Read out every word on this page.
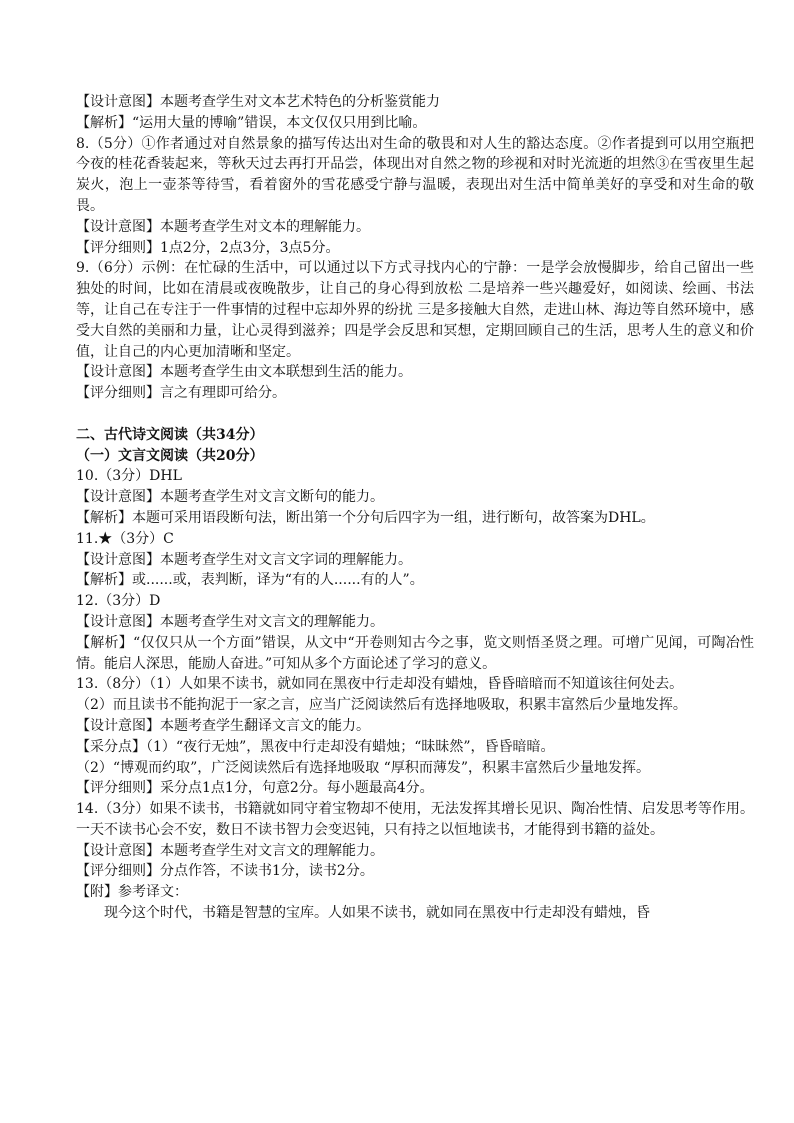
【设计意图】本题考查学生对文本艺术特色的分析鉴赏能力
【解析】“运用大量的博喻”错误，本文仅仅只用到比喻。
8.（5分）①作者通过对自然景象的描写传达出对生命的敬畏和对人生的豁达态度。②作者提到可以用空瓶把今夜的桂花香装起来，等秋天过去再打开品尝，体现出对自然之物的珍视和对时光流逝的坦然③在雪夜里生起炭火，泡上一壶茶等待雪，看着窗外的雪花感受宁静与温暖，表现出对生活中简单美好的享受和对生命的敬畏。
【设计意图】本题考查学生对文本的理解能力。
【评分细则】1点2分，2点3分，3点5分。
9.（6分）示例：在忙碌的生活中，可以通过以下方式寻找内心的宁静：一是学会放慢脚步，给自己留出一些独处的时间，比如在清晨或夜晚散步，让自己的身心得到放松 二是培养一些兴趣爱好，如阅读、绘画、书法等，让自己在专注于一件事情的过程中忘却外界的纷扰 三是多接触大自然，走进山林、海边等自然环境中，感受大自然的美丽和力量，让心灵得到滋养；四是学会反思和冥想，定期回顾自己的生活，思考人生的意义和价值，让自己的内心更加清晰和坚定。
【设计意图】本题考查学生由文本联想到生活的能力。
【评分细则】言之有理即可给分。
二、古代诗文阅读（共34分）
（一）文言文阅读（共20分）
10.（3分）DHL
【设计意图】本题考查学生对文言文断句的能力。
【解析】本题可采用语段断句法，断出第一个分句后四字为一组，进行断句，故答案为DHL。
11.★（3分）C
【设计意图】本题考查学生对文言文字词的理解能力。
【解析】或......或，表判断，译为“有的人......有的人”。
12.（3分）D
【设计意图】本题考查学生对文言文的理解能力。
【解析】“仅仅只从一个方面”错误，从文中“开卷则知古今之事，览文则悟圣贤之理。可增广见闻，可陶冶性情。能启人深思，能励人奋进。”可知从多个方面论述了学习的意义。
13.（8分）（1）人如果不读书，就如同在黑夜中行走却没有蜡烛，昏昏暗暗而不知道该往何处去。
（2）而且读书不能拘泥于一家之言，应当广泛阅读然后有选择地吸取，积累丰富然后少量地发挥。
【设计意图】本题考查学生翻译文言文的能力。
【采分点】（1）“夜行无烛”，黑夜中行走却没有蜡烛；“昧昧然”，昏昏暗暗。
（2）“博观而约取”，广泛阅读然后有选择地吸取 “厚积而薄发”，积累丰富然后少量地发挥。
【评分细则】采分点1点1分，句意2分。每小题最高4分。
14.（3分）如果不读书，书籍就如同守着宝物却不使用，无法发挥其增长见识、陶冶性情、启发思考等作用。一天不读书心会不安，数日不读书智力会变迟钝，只有持之以恒地读书，才能得到书籍的益处。
【设计意图】本题考查学生对文言文的理解能力。
【评分细则】分点作答，不读书1分，读书2分。
【附】参考译文：
现今这个时代，书籍是智慧的宝库。人如果不读书，就如同在黑夜中行走却没有蜡烛，昏
